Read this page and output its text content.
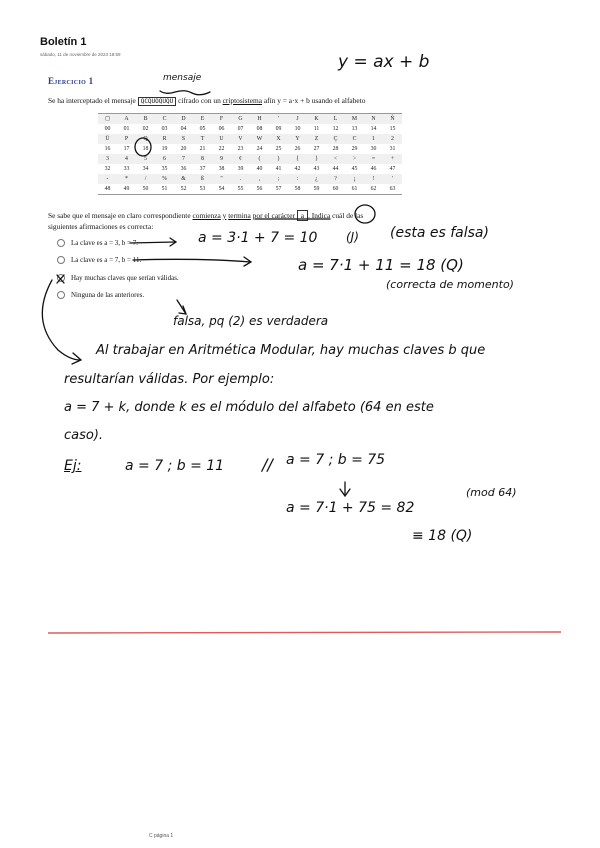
Boletín 1
sábado, 11 de noviembre de 2023 18:59
Ejercicio 1
Se ha interceptado el mensaje QCQUOQUQU cifrado con un criptosistema afín y = a·x + b usando el alfabeto
◻	A	B	C	D	E	F	G	H	'	J	K	L	M	N	Ñ
00	01	02	03	04	05	06	07	08	09	10	11	12	13	14	15
Ü	P	Q	R	S	T	U	V	W	X	Y	Z	Ç	C	1	2
16	17	18	19	20	21	22	23	24	25	26	27	28	29	30	31
3	4	5	6	7	8	9	¢	(	)	{	}	<	>	=	+
32	33	34	35	36	37	38	39	40	41	42	43	44	45	46	47
-	*	/	%	&	ß	"	.	,	;	:	¿	?	¡	!	'
48	49	50	51	52	53	54	55	56	57	58	59	60	61	62	63
Se sabe que el mensaje en claro correspondiente comienza y termina por el carácter a . Indica cuál de las
siguientes afirmaciones es correcta:
La clave es a = 3, b = 7.
La clave es a = 7, b = 11.
Hay muchas claves que serían válidas.
Ninguna de las anteriores.
y = ax + b
mensaje
a = 3·1 + 7 = 10 (J) (esta es falsa)
a = 7·1 + 11 = 18 (Q)
(correcta de momento)
falsa, pq (2) es verdadera
Al trabajar en Aritmética Modular, hay muchas claves b que
resultarían válidas. Por ejemplo:
a = 7 + k, donde k es el módulo del alfabeto (64 en este
caso).
Ej:	a = 7 ; b = 11 // a = 7 ; b = 75
a = 7·1 + 75 = 82
(mod 64)
≡ 18 (Q)
C página 1
